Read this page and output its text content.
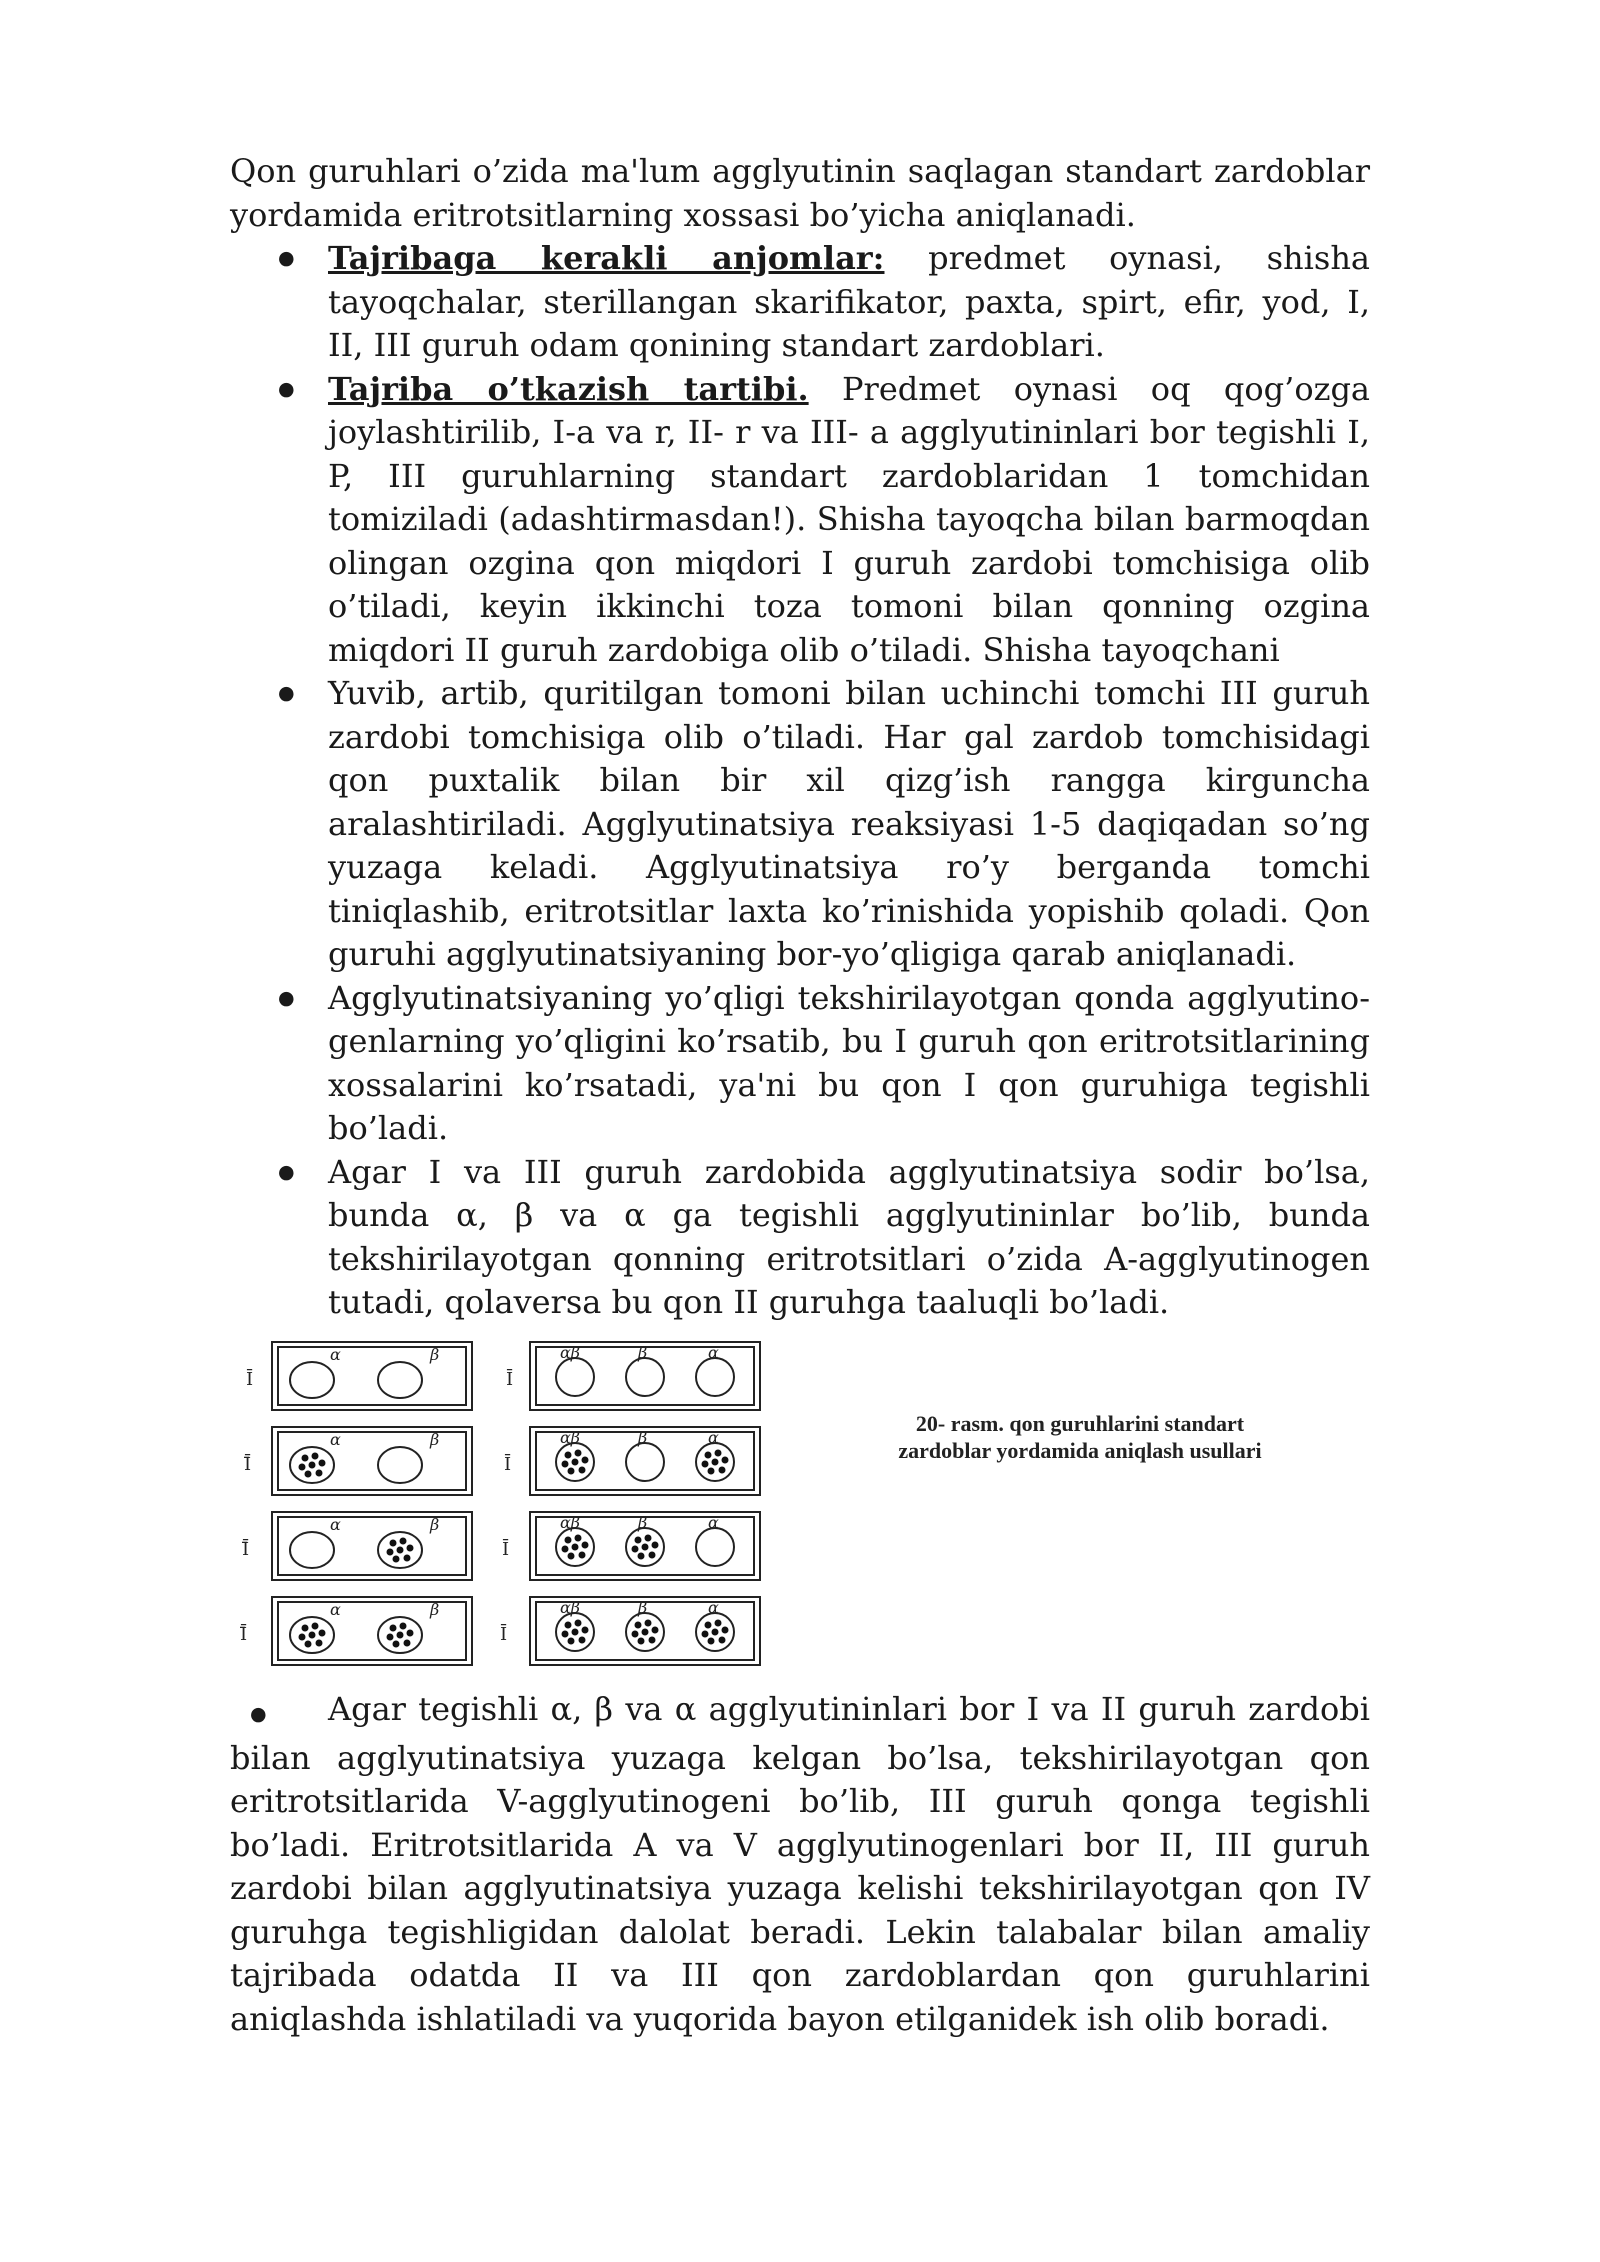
Qon guruhlari o’zida ma'lum agglyutinin saqlagan standart zardoblar
yordamida eritrotsitlarning xossasi bo’yicha aniqlanadi.
● Tajribaga kerakli anjomlar: predmet oynasi, shisha tayoqchalar, sterillangan skarifikator, paxta, spirt, efir, yod, I, II, III guruh odam qonining standart zardoblari.
● Tajriba o’tkazish tartibi. Predmet oynasi oq qog’ozga joylashtirilib, I-a va r, II- r va III- a agglyutininlari bor tegishli I, P, III guruhlarning standart zardoblaridan 1 tomchidan tomiziladi (adashtirmasdan!). Shisha tayoqcha bilan barmoqdan olingan ozgina qon miqdori I guruh zardobi tomchisiga olib o’tiladi, keyin ikkinchi toza tomoni bilan qonning ozgina miqdori II guruh zardobiga olib o’tiladi. Shisha tayoqchani
● Yuvib, artib, quritilgan tomoni bilan uchinchi tomchi III guruh zardobi tomchisiga olib o’tiladi. Har gal zardob tomchisidagi qon puxtalik bilan bir xil qizg’ish rangga kirguncha aralashtiriladi. Agglyutinatsiya reaksiyasi 1-5 daqiqadan so’ng yuzaga keladi. Agglyutinatsiya ro’y berganda tomchi tiniqlashib, eritrotsitlar laxta ko’rinishida yopishib qoladi. Qon guruhi agglyutinatsiyaning bor-yo’qligiga qarab aniqlanadi.
● Agglyutinatsiyaning yo’qligi tekshirilayotgan qonda agglyutino-genlarning yo’qligini ko’rsatib, bu I guruh qon eritrotsitlarining xossalarini ko’rsatadi, ya'ni bu qon I qon guruhiga tegishli bo’ladi.
● Agar I va III guruh zardobida agglyutinatsiya sodir bo’lsa, bunda α, β va α ga tegishli agglyutininlar bo’lib, bunda tekshirilayotgan qonning eritrotsitlari o’zida A-agglyutinogen tutadi, qolaversa bu qon II guruhga taaluqli bo’ladi.
Ī
Ī̄
Ī̄
Ī̄
Ī
Ī
Ī
Ī
α	β
α	β
α	β
α	β
αβ	β	α
αβ	β	α
αβ	β	α
αβ	β	α
20- rasm. qon guruhlarini standart
zardoblar yordamida aniqlash usullari
● Agar tegishli α, β va α agglyutininlari bor I va II guruh zardobi bilan agglyutinatsiya yuzaga kelgan bo’lsa, tekshirilayotgan qon eritrotsitlarida V-agglyutinogeni bo’lib, III guruh qonga tegishli bo’ladi. Eritrotsitlarida A va V agglyutinogenlari bor II, III guruh zardobi bilan agglyutinatsiya yuzaga kelishi tekshirilayotgan qon IV guruhga tegishligidan dalolat beradi. Lekin talabalar bilan amaliy tajribada odatda II va III qon zardoblardan qon guruhlarini aniqlashda ishlatiladi va yuqorida bayon etilganidek ish olib boradi.
